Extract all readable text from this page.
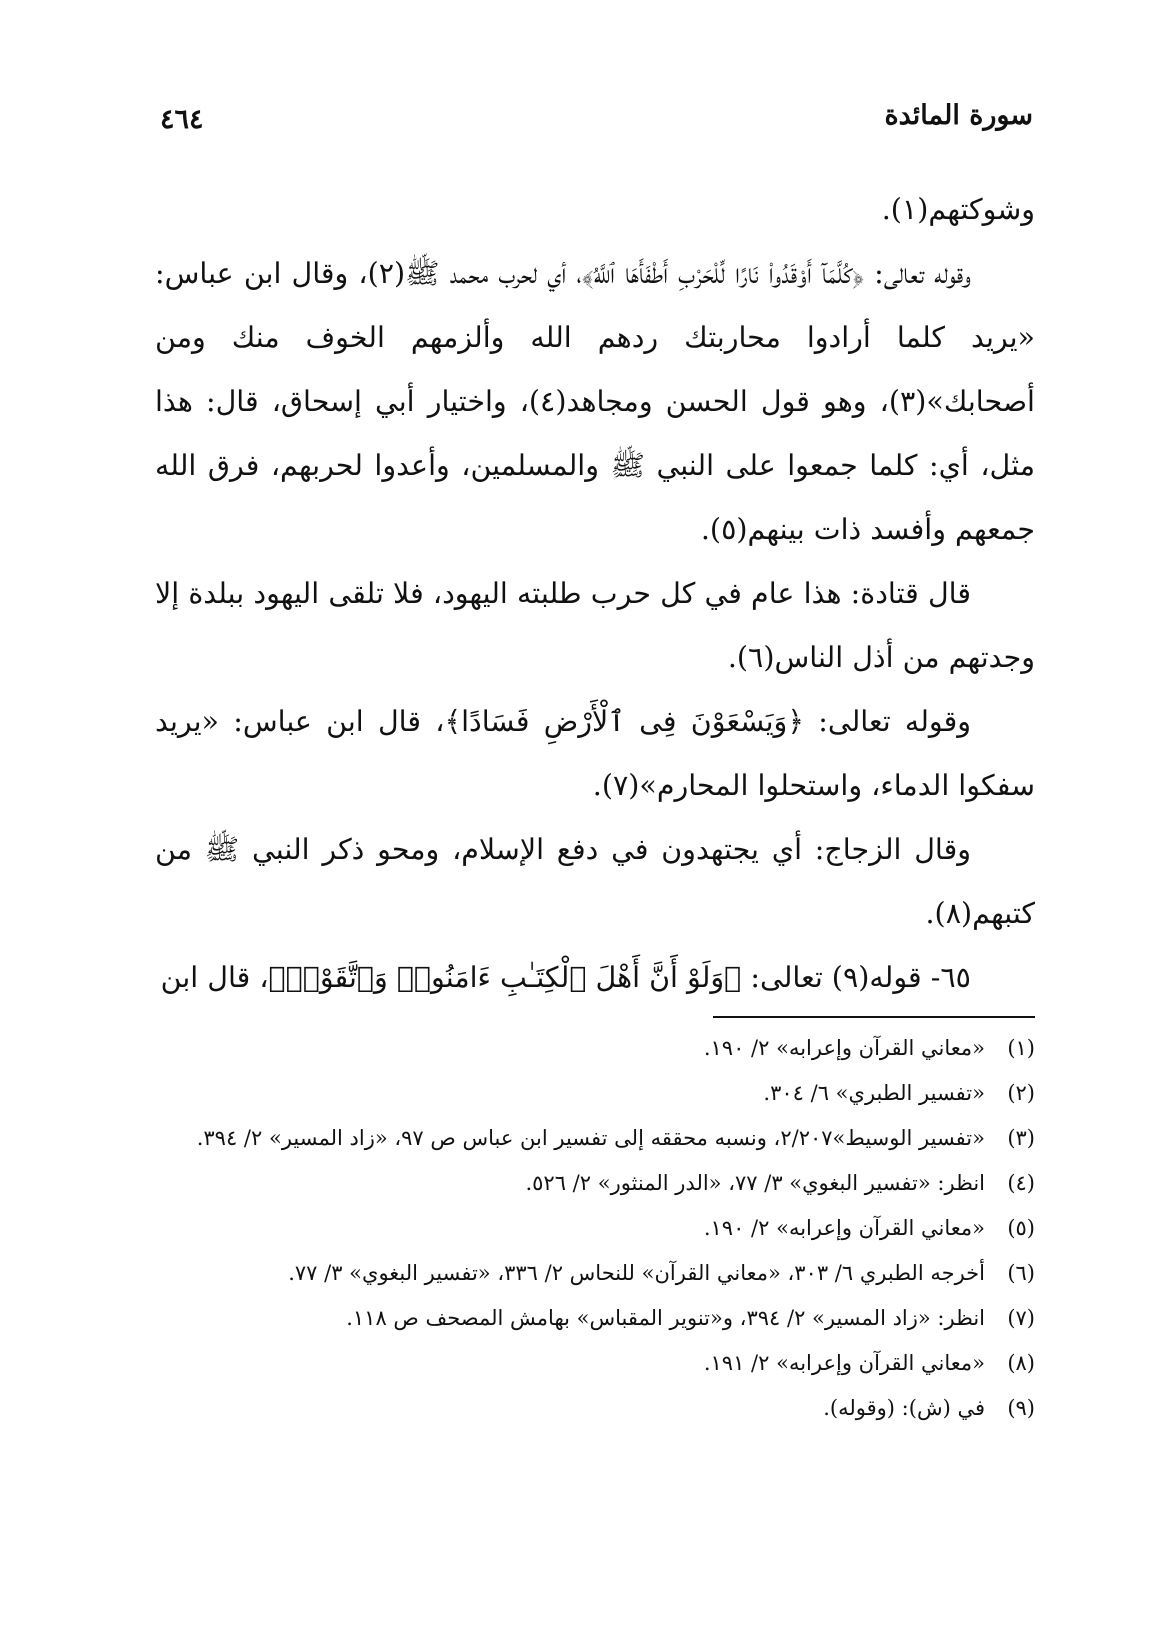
سورة المائدة
٤٦٤

وشوكتهم(١).

وقوله تعالى: ﴿كُلَّمَآ أَوْقَدُوا۟ نَارًا لِّلْحَرْبِ أَطْفَأَهَا ٱللَّهُ﴾، أي لحرب محمد ﷺ(٢)، وقال ابن عباس: «يريد كلما أرادوا محاربتك ردهم الله وألزمهم الخوف منك ومن أصحابك»(٣)، وهو قول الحسن ومجاهد(٤)، واختيار أبي إسحاق، قال: هذا مثل، أي: كلما جمعوا على النبي ﷺ والمسلمين، وأعدوا لحربهم، فرق الله جمعهم وأفسد ذات بينهم(٥).

قال قتادة: هذا عام في كل حرب طلبته اليهود، فلا تلقى اليهود ببلدة إلا وجدتهم من أذل الناس(٦).

وقوله تعالى: ﴿وَيَسْعَوْنَ فِى ٱلْأَرْضِ فَسَادًا﴾، قال ابن عباس: «يريد سفكوا الدماء، واستحلوا المحارم»(٧).

وقال الزجاج: أي يجتهدون في دفع الإسلام، ومحو ذكر النبي ﷺ من كتبهم(٨).

٦٥- قوله(٩) تعالى: ﴿وَلَوْ أَنَّ أَهْلَ ٱلْكِتَـٰبِ ءَامَنُوا۟ وَٱتَّقَوْا۟﴾، قال ابن

(١)
«معاني القرآن وإعرابه» ٢/ ١٩٠.
(٢)
«تفسير الطبري» ٦/ ٣٠٤.
(٣)
«تفسير الوسيط»٢/٢٠٧، ونسبه محققه إلى تفسير ابن عباس ص ٩٧، «زاد المسير» ٢/ ٣٩٤.
(٤)
انظر: «تفسير البغوي» ٣/ ٧٧، «الدر المنثور» ٢/ ٥٢٦.
(٥)
«معاني القرآن وإعرابه» ٢/ ١٩٠.
(٦)
أخرجه الطبري ٦/ ٣٠٣، «معاني القرآن» للنحاس ٢/ ٣٣٦، «تفسير البغوي» ٣/ ٧٧.
(٧)
انظر: «زاد المسير» ٢/ ٣٩٤، و«تنوير المقباس» بهامش المصحف ص ١١٨.
(٨)
«معاني القرآن وإعرابه» ٢/ ١٩١.
(٩)
في (ش): (وقوله).
